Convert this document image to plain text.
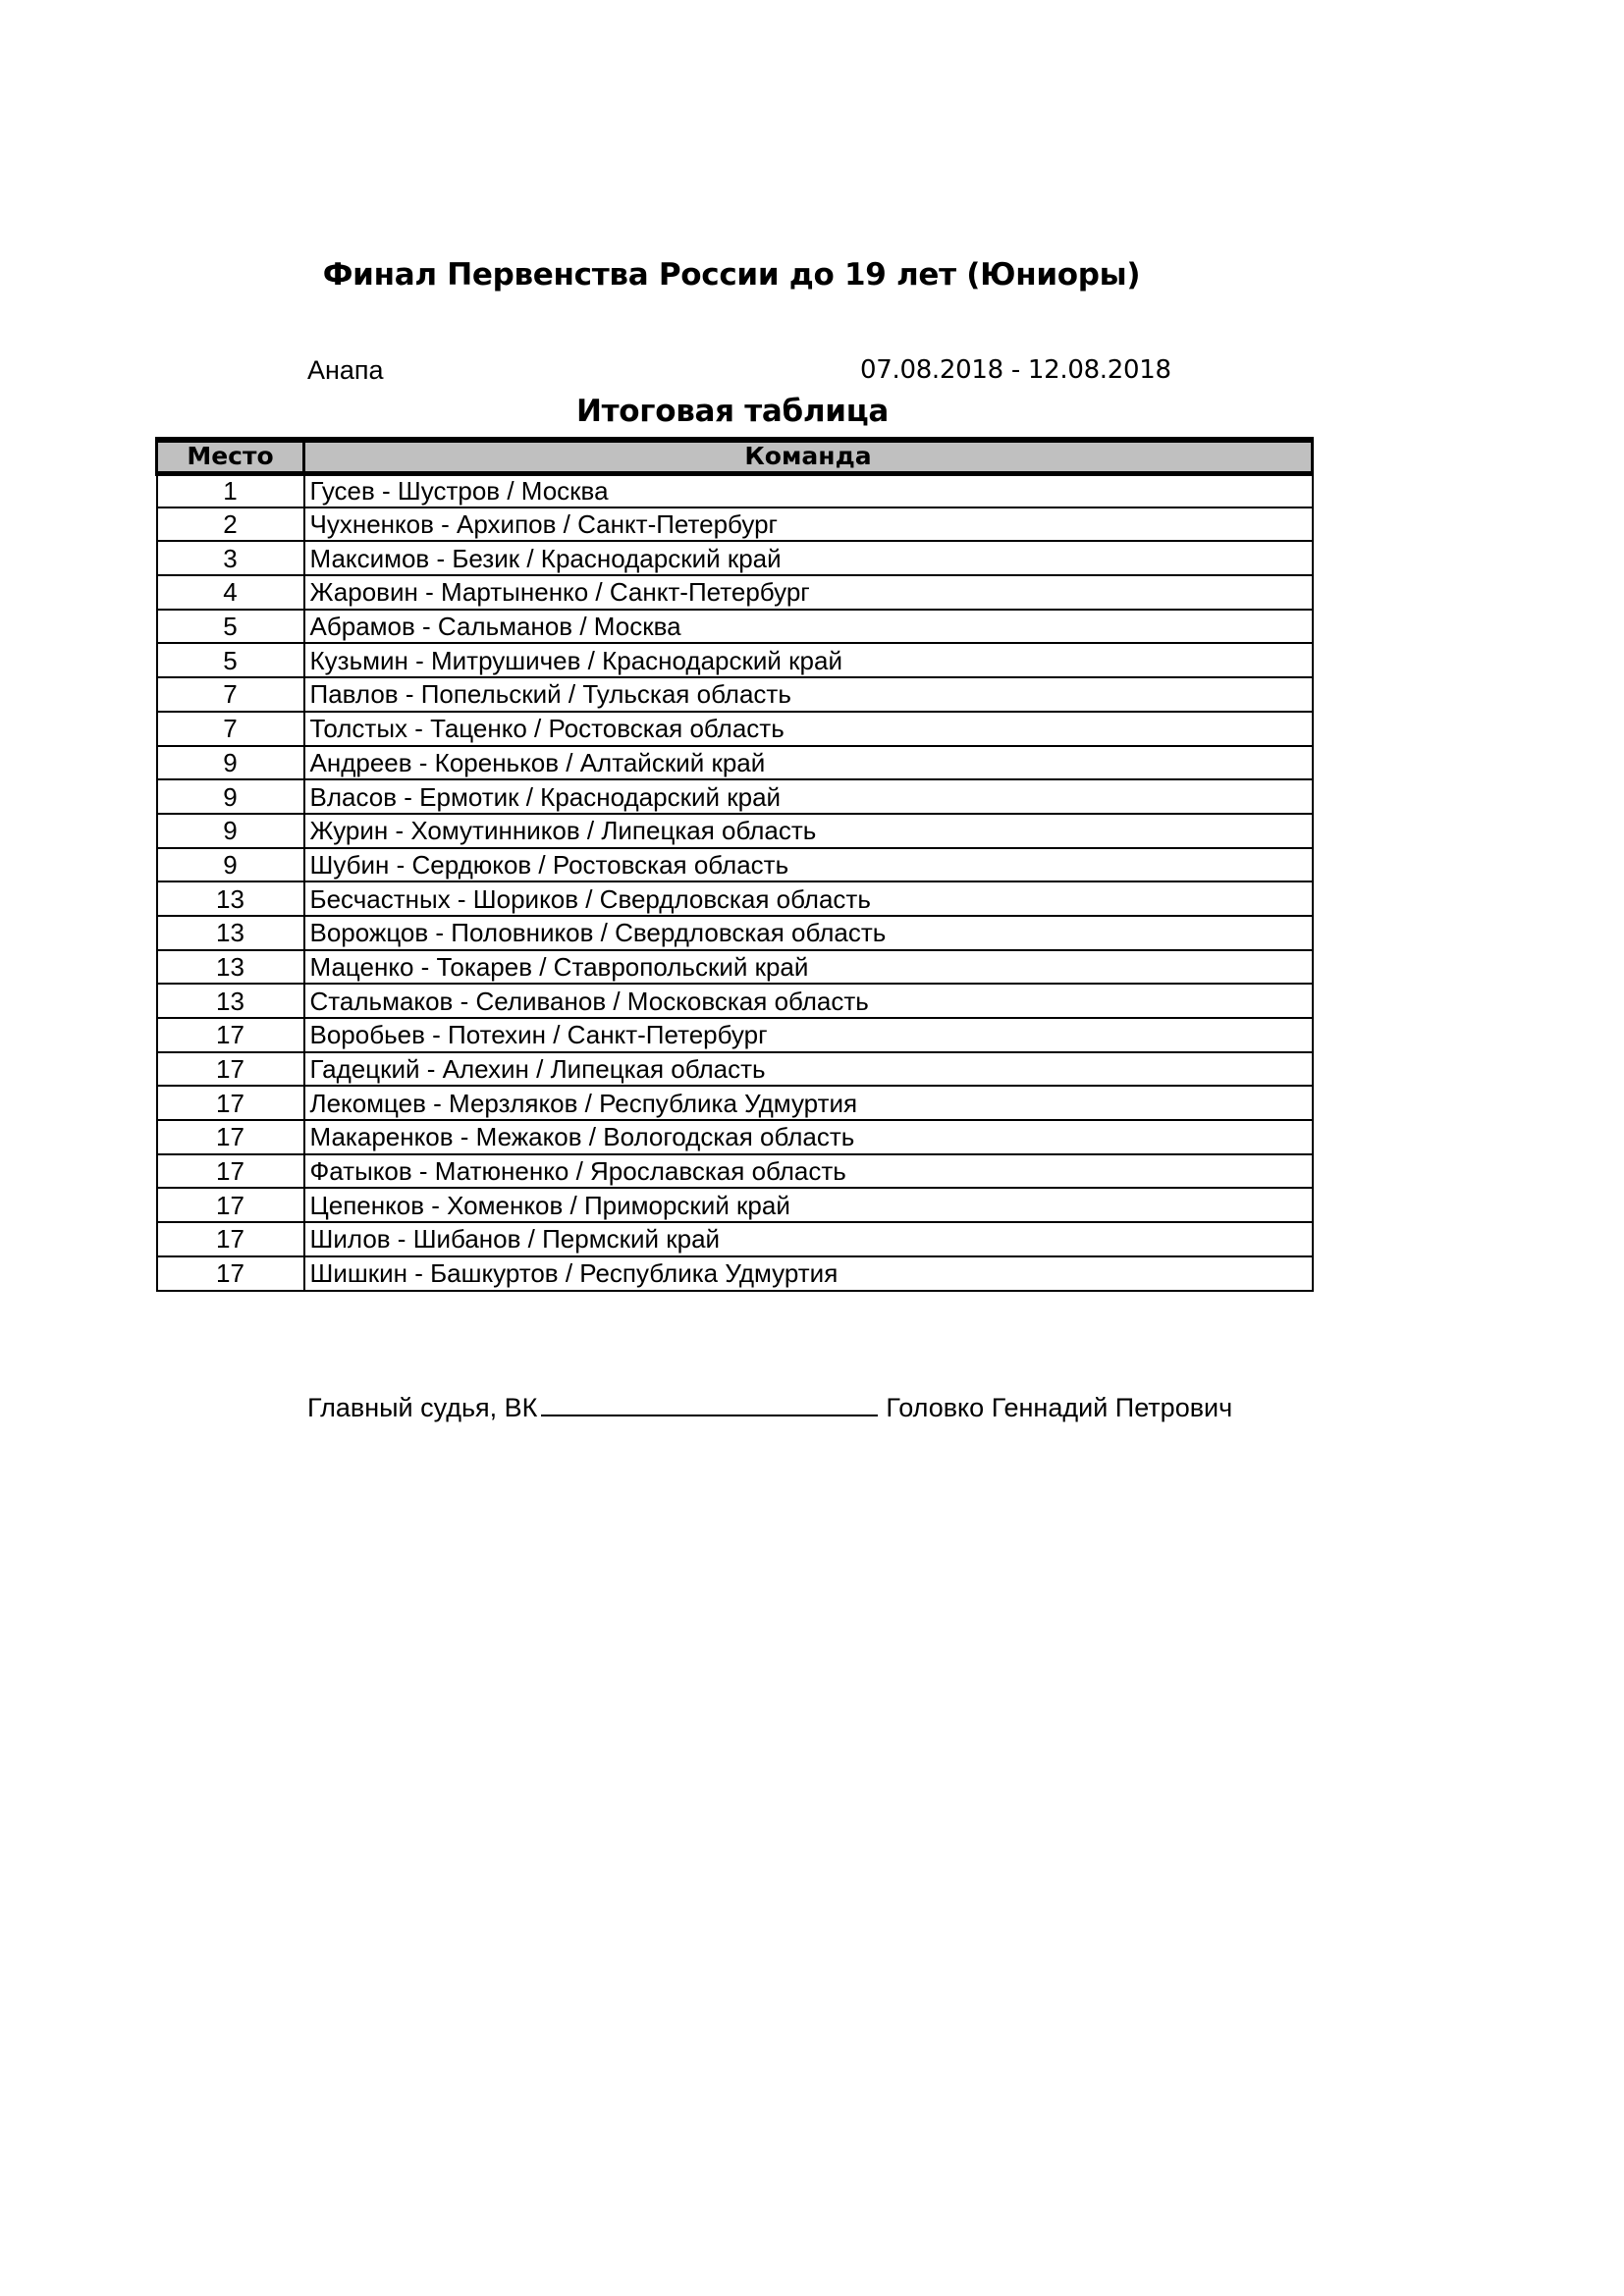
Финал Первенства России до 19 лет (Юниоры)
Анапа	07.08.2018 - 12.08.2018
Итоговая таблица
Место	Команда
1	Гусев - Шустров / Москва
2	Чухненков - Архипов / Санкт-Петербург
3	Максимов - Безик / Краснодарский край
4	Жаровин - Мартыненко / Санкт-Петербург
5	Абрамов - Сальманов / Москва
5	Кузьмин - Митрушичев / Краснодарский край
7	Павлов - Попельский / Тульская область
7	Толстых - Таценко / Ростовская область
9	Андреев - Кореньков / Алтайский край
9	Власов - Ермотик / Краснодарский край
9	Журин - Хомутинников / Липецкая область
9	Шубин - Сердюков / Ростовская область
13	Бесчастных - Шориков / Свердловская область
13	Ворожцов - Половников / Свердловская область
13	Маценко - Токарев / Ставропольский край
13	Стальмаков - Селиванов / Московская область
17	Воробьев - Потехин / Санкт-Петербург
17	Гадецкий - Алехин / Липецкая область
17	Лекомцев - Мерзляков / Республика Удмуртия
17	Макаренков - Межаков / Вологодская область
17	Фатыков - Матюненко / Ярославская область
17	Цепенков - Хоменков / Приморский край
17	Шилов - Шибанов / Пермский край
17	Шишкин - Башкуртов / Республика Удмуртия
Главный судья, ВК	Головко Геннадий Петрович
